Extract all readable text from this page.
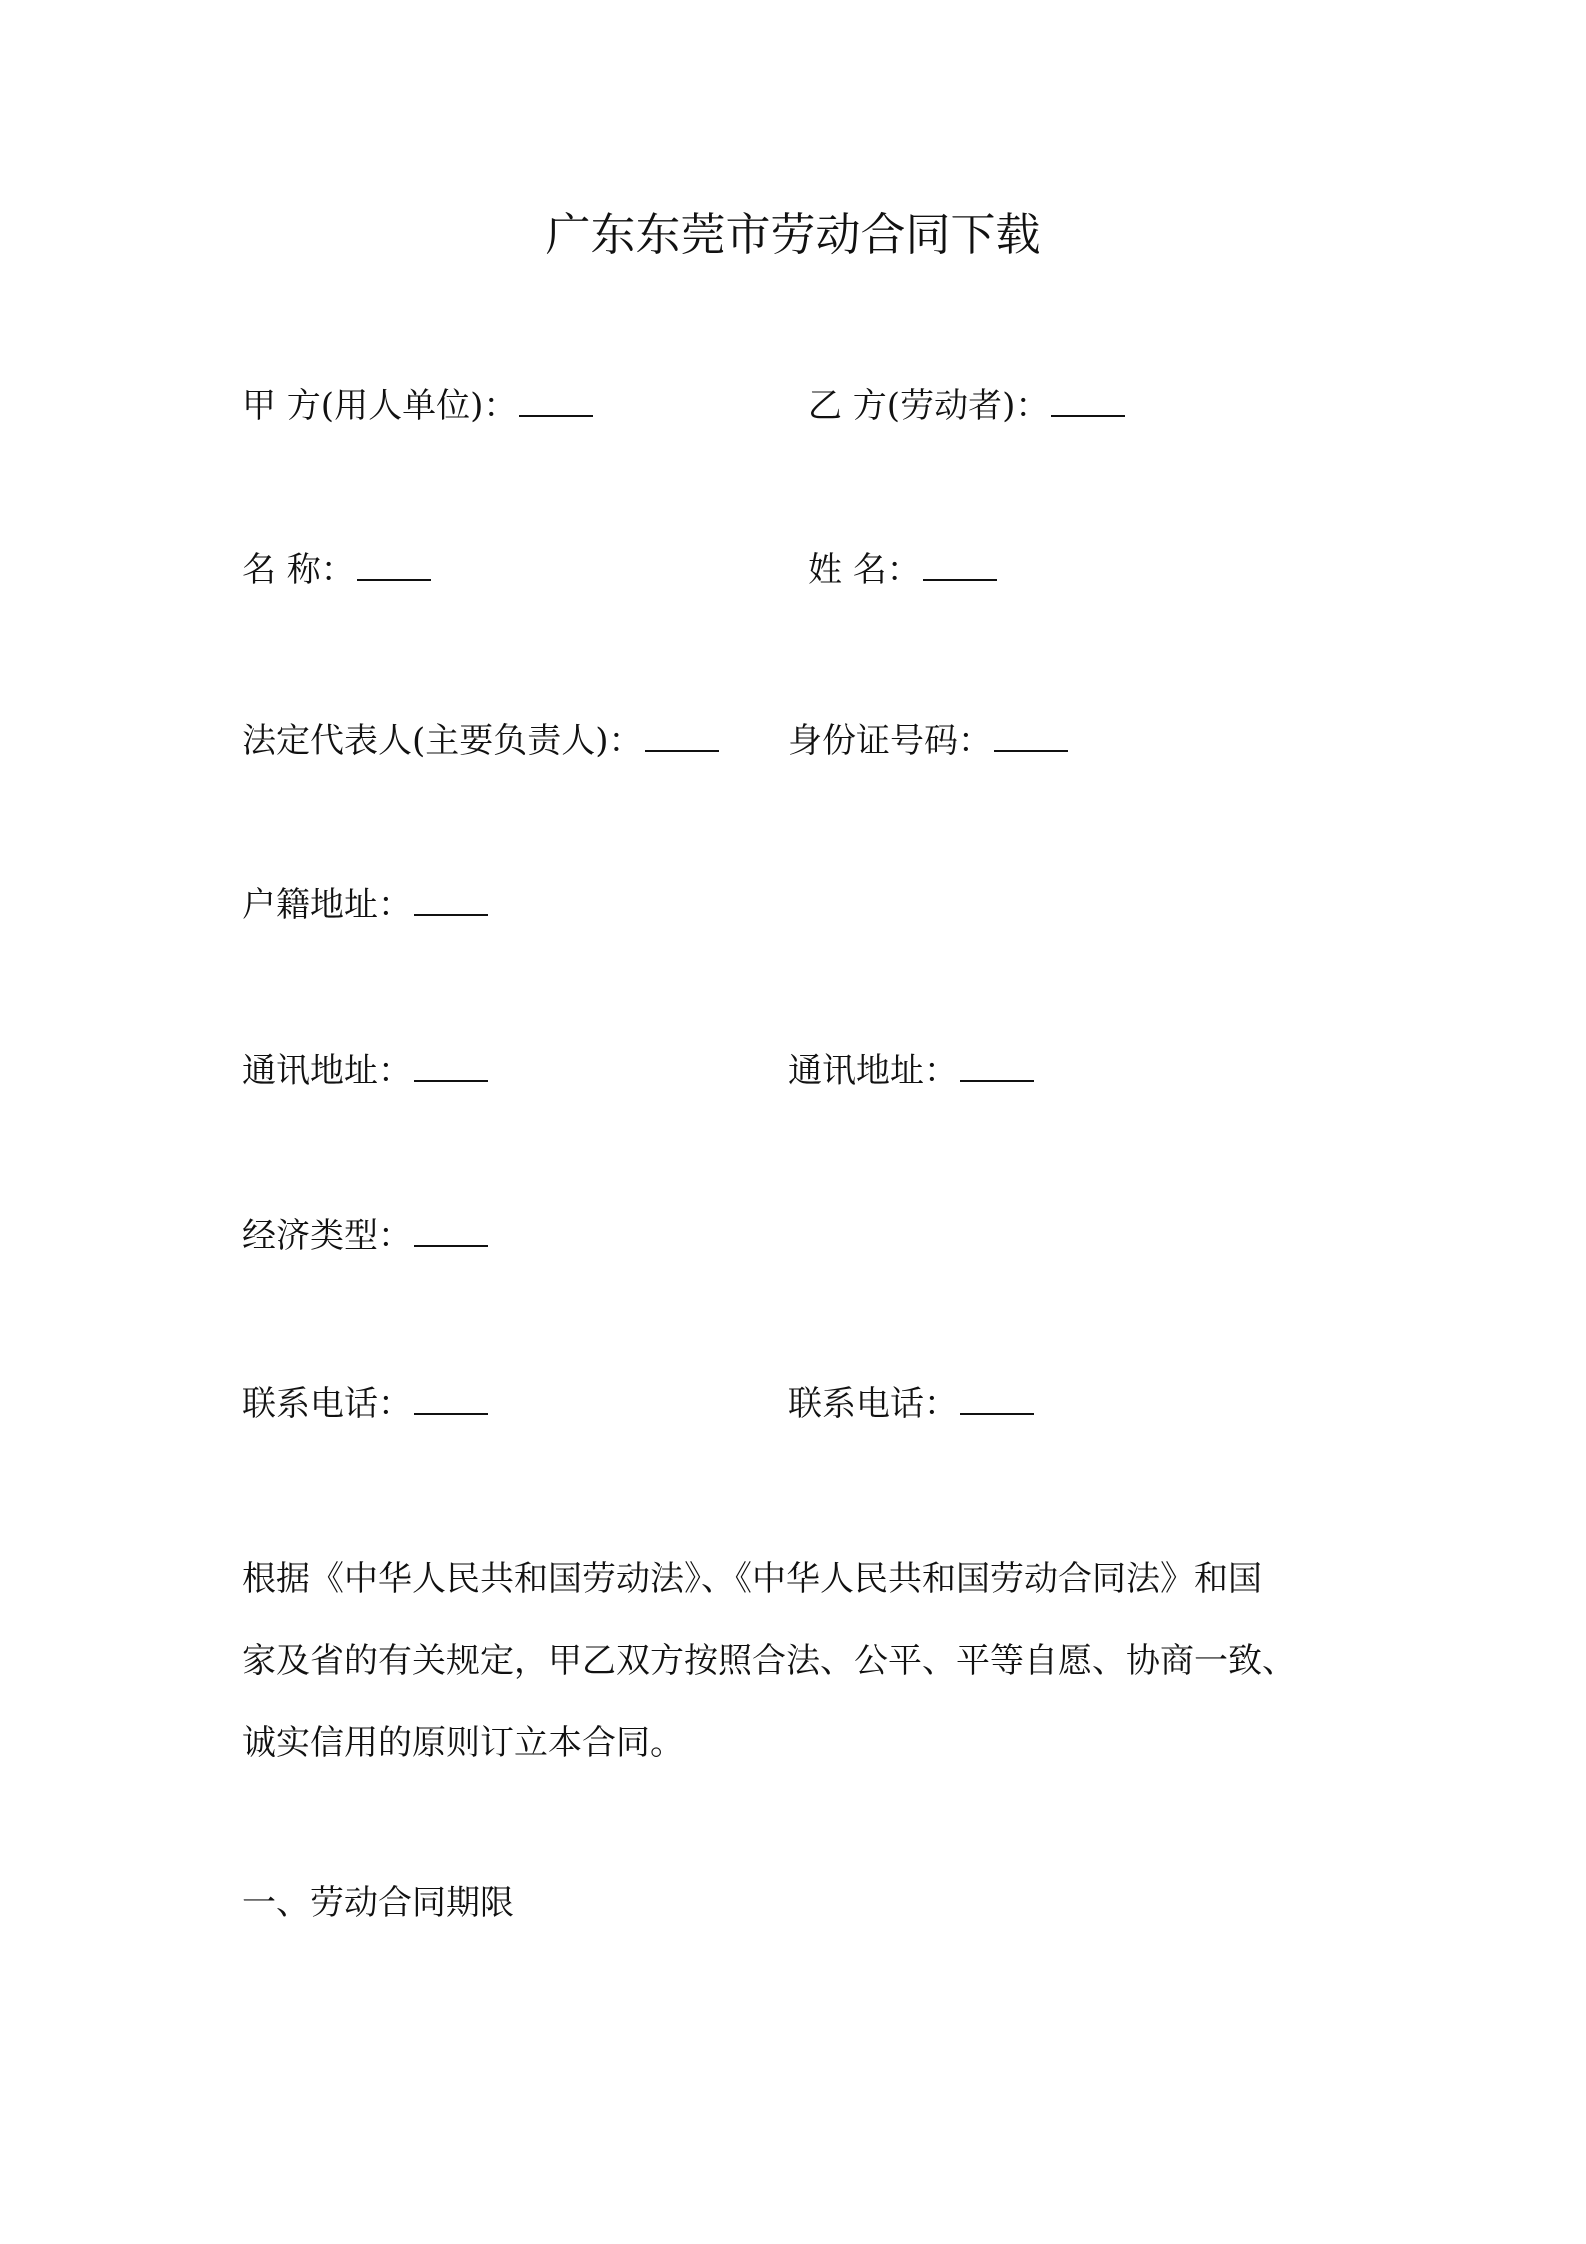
广东东莞市劳动合同下载
甲 方(用人单位)：	乙 方(劳动者)：
名 称：	姓 名：
法定代表人(主要负责人)：	身份证号码：
户籍地址：
通讯地址：	通讯地址：
经济类型：
联系电话：	联系电话：
根据《中华人民共和国劳动法》、《中华人民共和国劳动合同法》和国
家及省的有关规定，甲乙双方按照合法、公平、平等自愿、协商一致、
诚实信用的原则订立本合同。
一、劳动合同期限
